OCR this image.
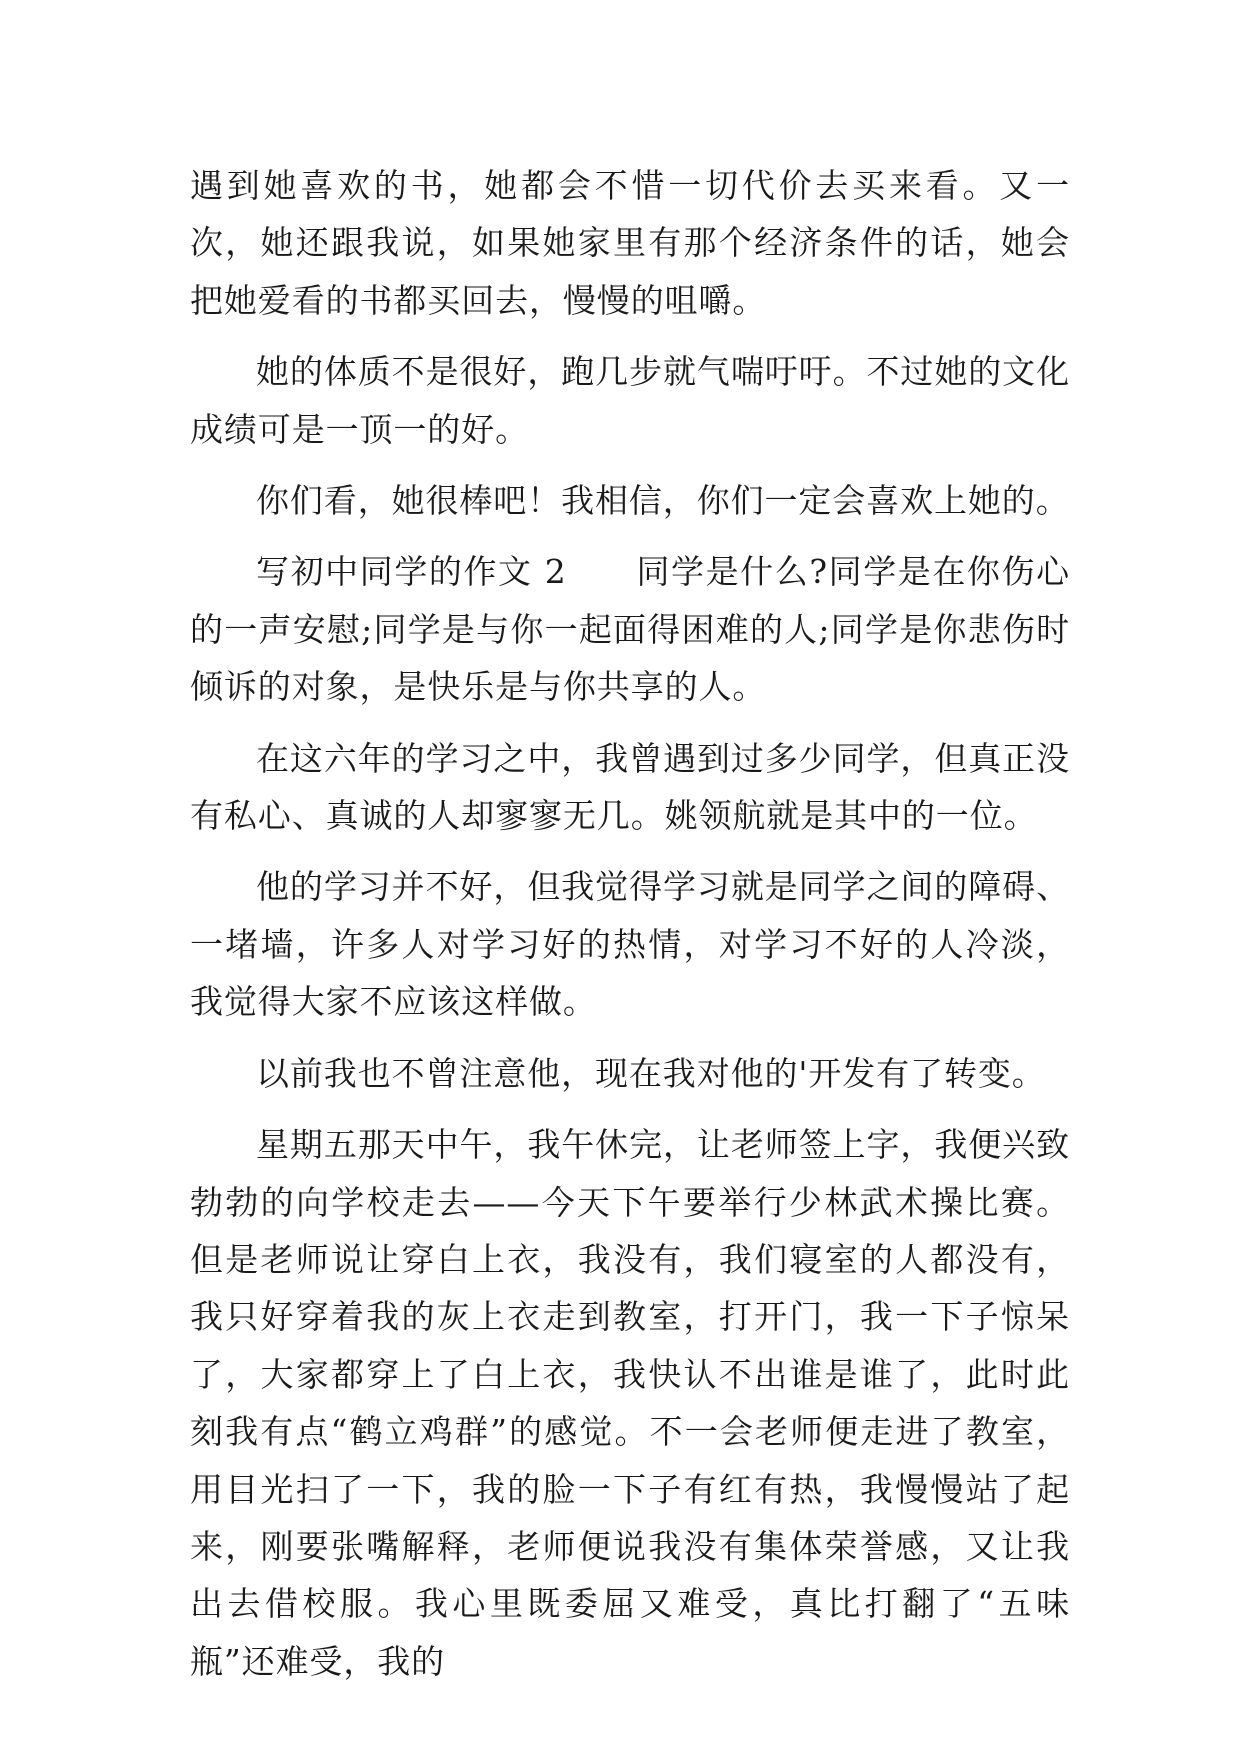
遇到她喜欢的书，她都会不惜一切代价去买来看。又一次，她还跟我说，如果她家里有那个经济条件的话，她会把她爱看的书都买回去，慢慢的咀嚼。

她的体质不是很好，跑几步就气喘吁吁。不过她的文化成绩可是一顶一的好。

你们看，她很棒吧！我相信，你们一定会喜欢上她的。

写初中同学的作文 2　　同学是什么?同学是在你伤心的一声安慰;同学是与你一起面得困难的人;同学是你悲伤时倾诉的对象，是快乐是与你共享的人。

在这六年的学习之中，我曾遇到过多少同学，但真正没有私心、真诚的人却寥寥无几。姚领航就是其中的一位。

他的学习并不好，但我觉得学习就是同学之间的障碍、一堵墙，许多人对学习好的热情，对学习不好的人冷淡，我觉得大家不应该这样做。

以前我也不曾注意他，现在我对他的'开发有了转变。

星期五那天中午，我午休完，让老师签上字，我便兴致勃勃的向学校走去——今天下午要举行少林武术操比赛。但是老师说让穿白上衣，我没有，我们寝室的人都没有，我只好穿着我的灰上衣走到教室，打开门，我一下子惊呆了，大家都穿上了白上衣，我快认不出谁是谁了，此时此刻我有点“鹤立鸡群”的感觉。不一会老师便走进了教室，用目光扫了一下，我的脸一下子有红有热，我慢慢站了起来，刚要张嘴解释，老师便说我没有集体荣誉感，又让我出去借校服。我心里既委屈又难受，真比打翻了“五味瓶”还难受，我的
